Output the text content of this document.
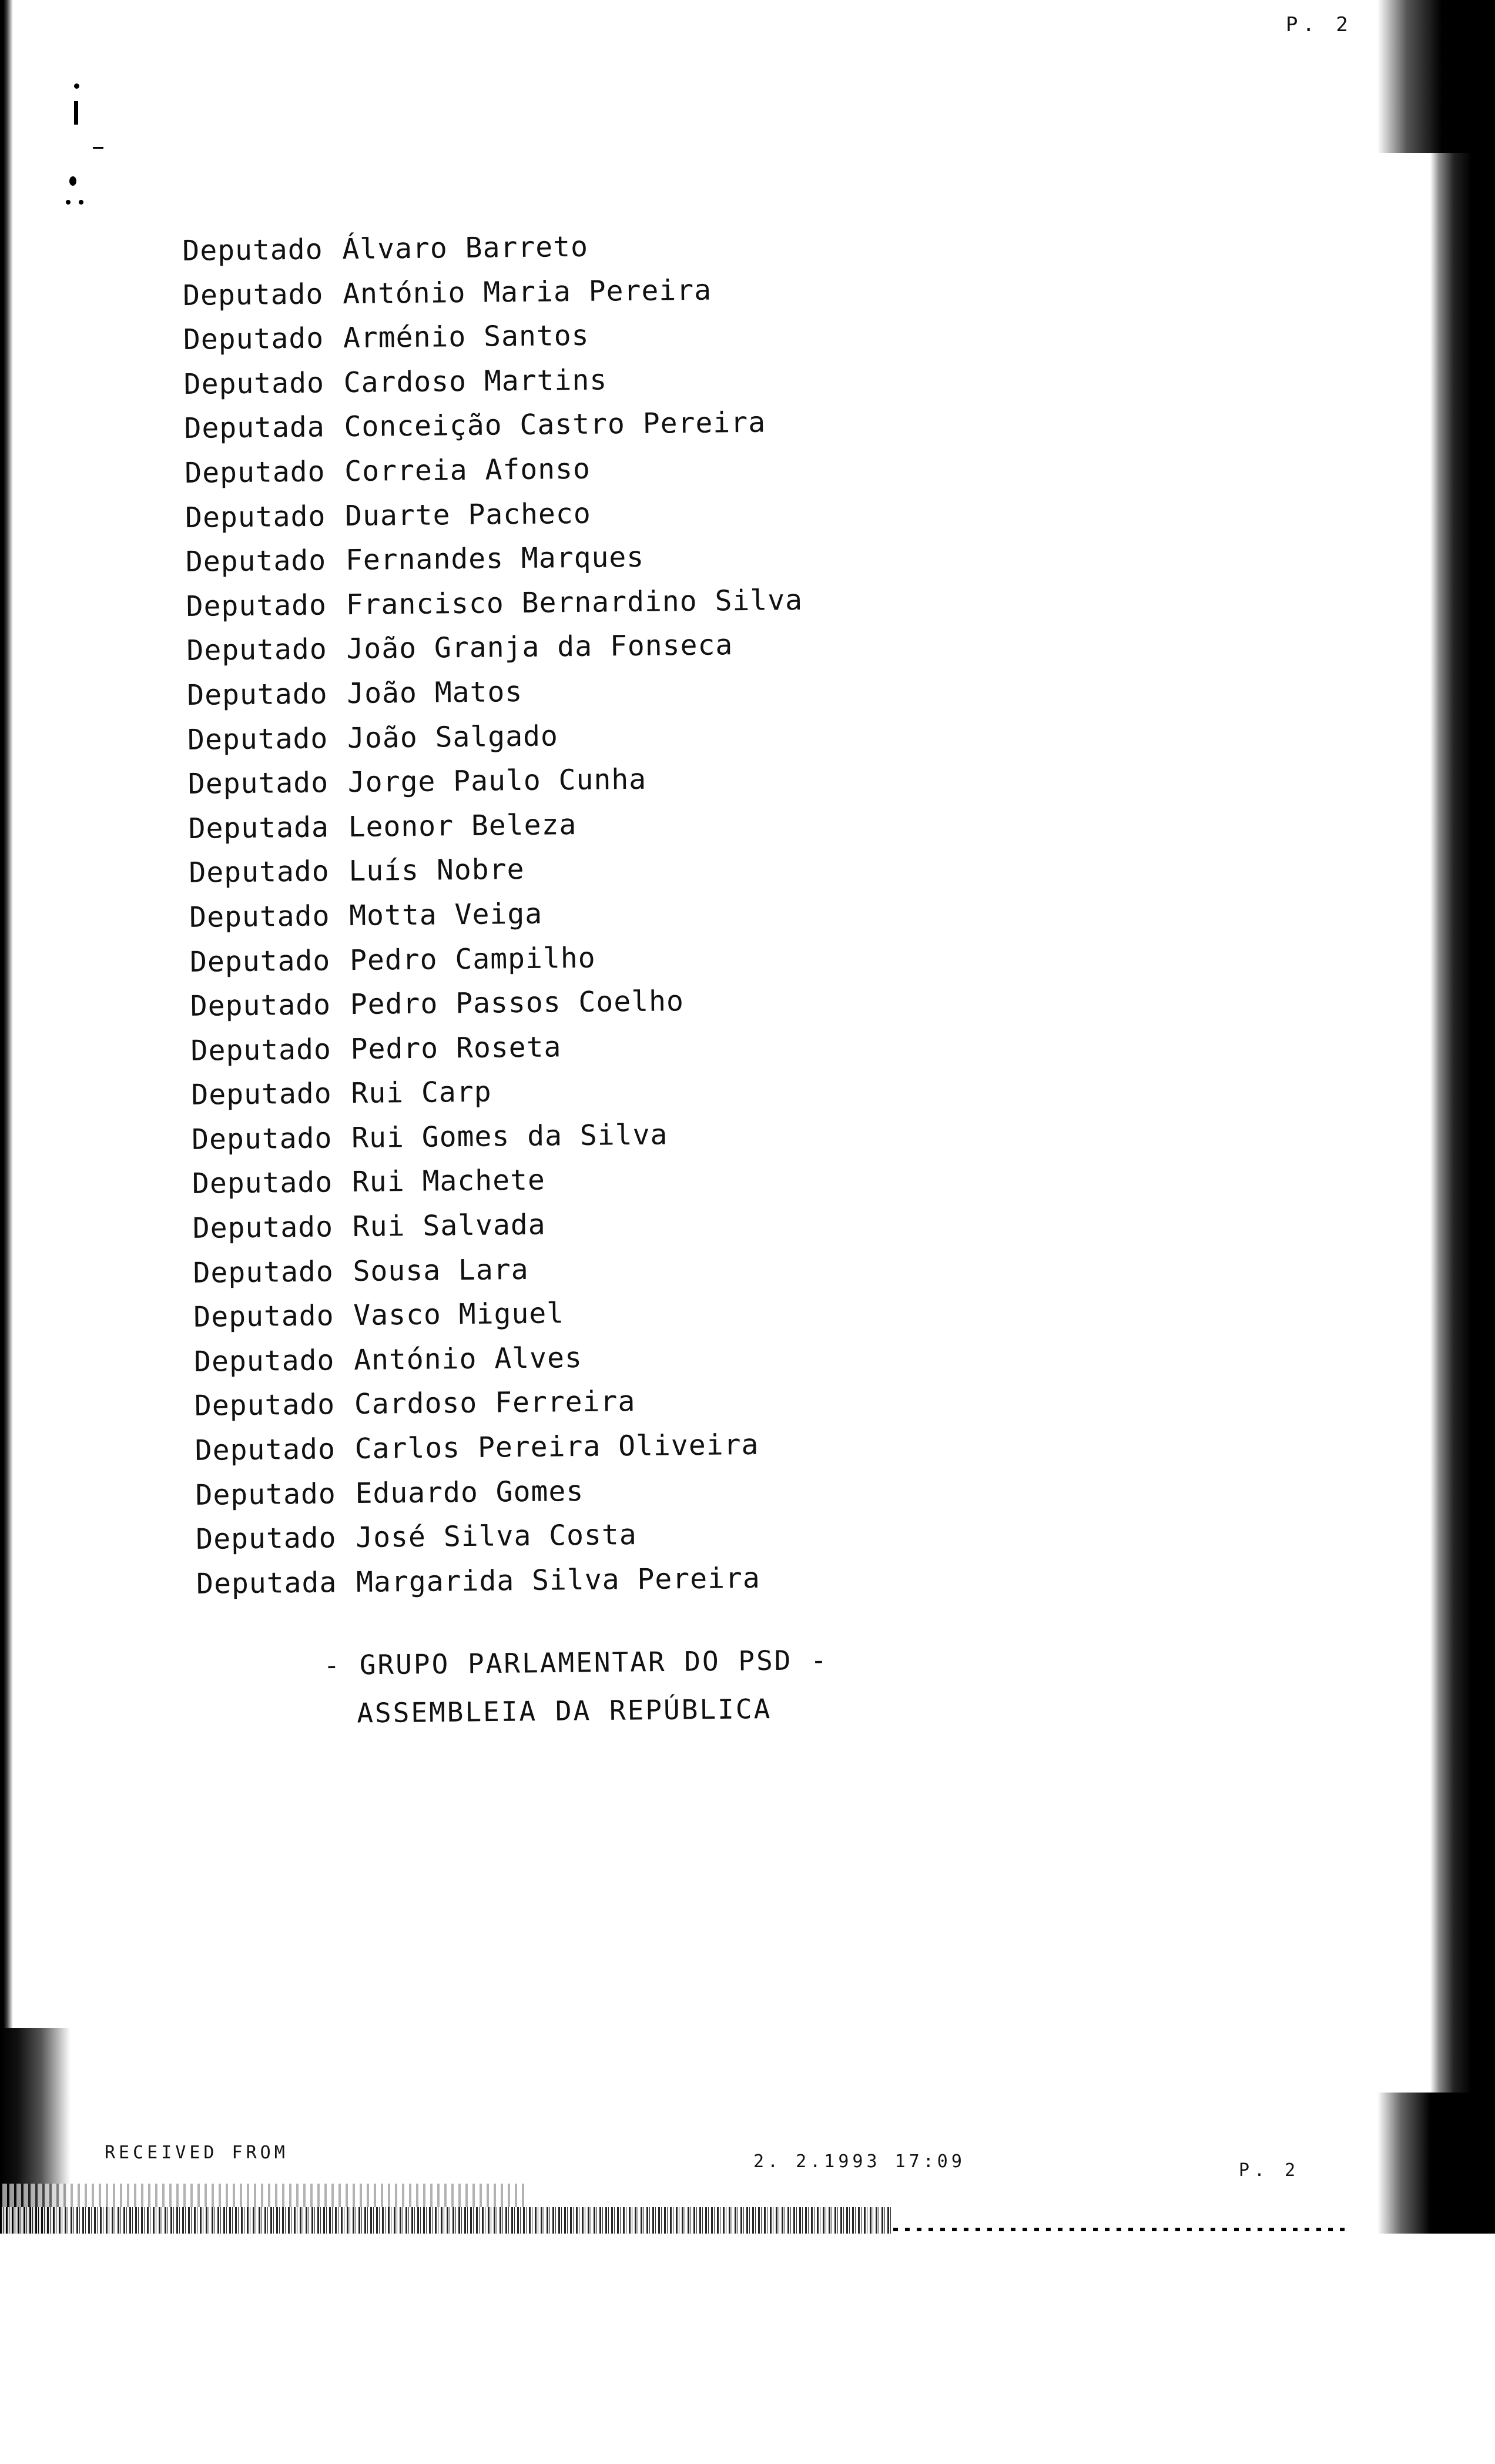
P. 2
Deputado Álvaro Barreto
Deputado António Maria Pereira
Deputado Arménio Santos
Deputado Cardoso Martins
Deputada Conceição Castro Pereira
Deputado Correia Afonso
Deputado Duarte Pacheco
Deputado Fernandes Marques
Deputado Francisco Bernardino Silva
Deputado João Granja da Fonseca
Deputado João Matos
Deputado João Salgado
Deputado Jorge Paulo Cunha
Deputada Leonor Beleza
Deputado Luís Nobre
Deputado Motta Veiga
Deputado Pedro Campilho
Deputado Pedro Passos Coelho
Deputado Pedro Roseta
Deputado Rui Carp
Deputado Rui Gomes da Silva
Deputado Rui Machete
Deputado Rui Salvada
Deputado Sousa Lara
Deputado Vasco Miguel
Deputado António Alves
Deputado Cardoso Ferreira
Deputado Carlos Pereira Oliveira
Deputado Eduardo Gomes
Deputado José Silva Costa
Deputada Margarida Silva Pereira
- GRUPO PARLAMENTAR DO PSD -
ASSEMBLEIA DA REPÚBLICA
RECEIVED FROM	2. 2.1993 17:09	P. 2
